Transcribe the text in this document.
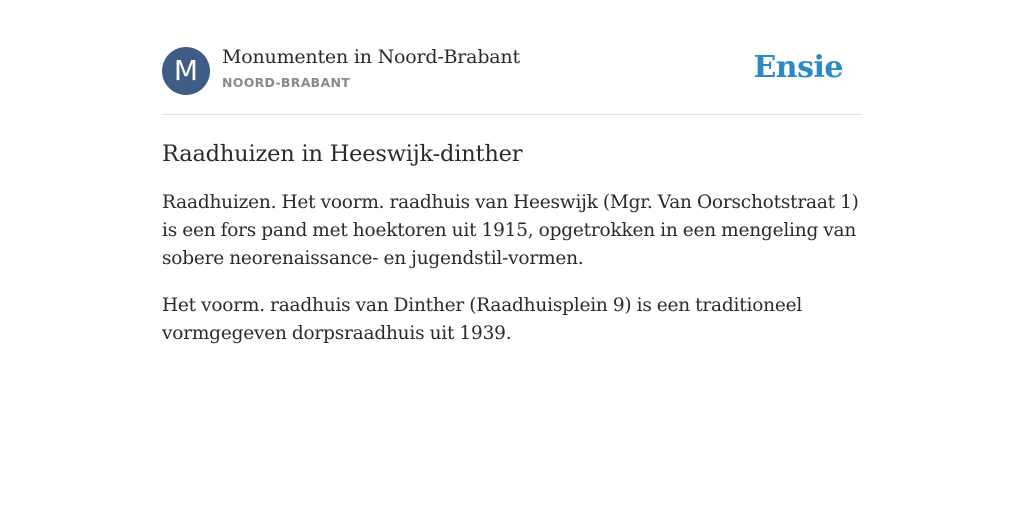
M	Monumenten in Noord-Brabant
NOORD-BRABANT	Ensie
Raadhuizen in Heeswijk-dinther

Raadhuizen. Het voorm. raadhuis van Heeswijk (Mgr. Van Oorschotstraat 1) is een fors pand met hoektoren uit 1915, opgetrokken in een mengeling van sobere neorenaissance- en jugendstil-vormen.

Het voorm. raadhuis van Dinther (Raadhuisplein 9) is een traditioneel vormgegeven dorpsraadhuis uit 1939.
